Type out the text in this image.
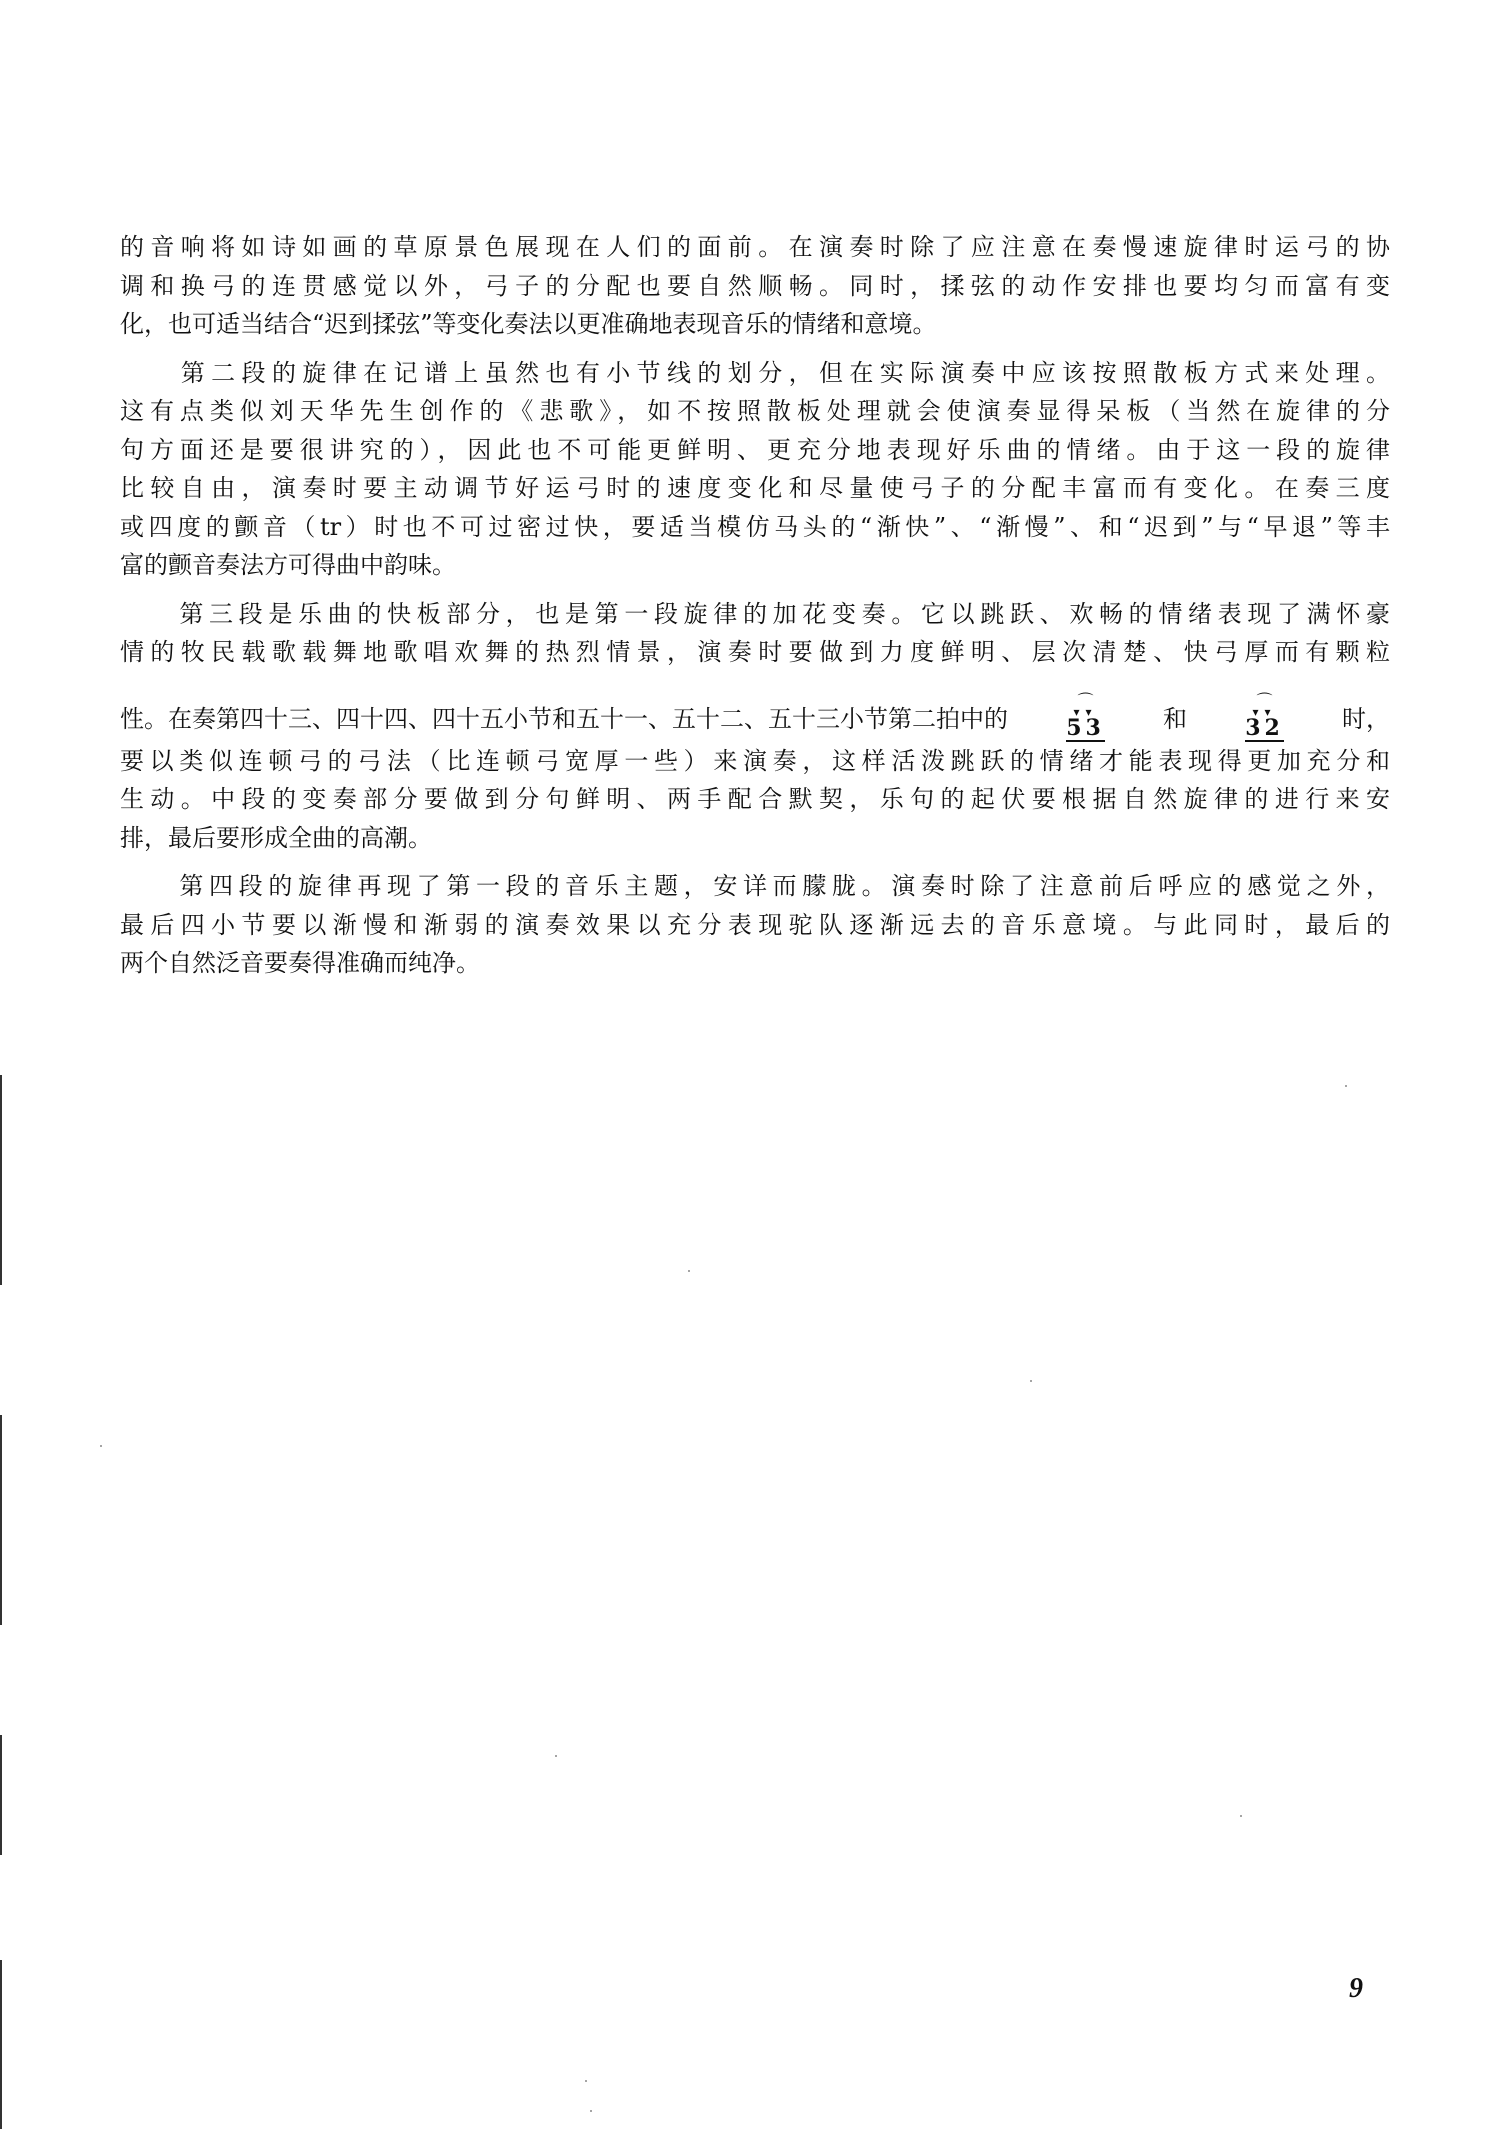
的音响将如诗如画的草原景色展现在人们的面前。在演奏时除了应注意在奏慢速旋律时运弓的协
调和换弓的连贯感觉以外，弓子的分配也要自然顺畅。同时，揉弦的动作安排也要均匀而富有变
化，也可适当结合“迟到揉弦”等变化奏法以更准确地表现音乐的情绪和意境。
　　第二段的旋律在记谱上虽然也有小节线的划分，但在实际演奏中应该按照散板方式来处理。
这有点类似刘天华先生创作的《悲歌》，如不按照散板处理就会使演奏显得呆板（当然在旋律的分
句方面还是要很讲究的），因此也不可能更鲜明、更充分地表现好乐曲的情绪。由于这一段的旋律
比较自由，演奏时要主动调节好运弓时的速度变化和尽量使弓子的分配丰富而有变化。在奏三度
或四度的颤音（tr）时也不可过密过快，要适当模仿马头的“渐快”、“渐慢”、和“迟到”与“早退”等丰
富的颤音奏法方可得曲中韵味。
　　第三段是乐曲的快板部分，也是第一段旋律的加花变奏。它以跳跃、欢畅的情绪表现了满怀豪
情的牧民载歌载舞地歌唱欢舞的热烈情景，演奏时要做到力度鲜明、层次清楚、快弓厚而有颗粒
性。在奏第四十三、四十四、四十五小节和五十一、五十二、五十三小节第二拍中的
⌒
▾▾
53 和
⌒
▾▾
32 时，
要以类似连顿弓的弓法（比连顿弓宽厚一些）来演奏，这样活泼跳跃的情绪才能表现得更加充分和
生动。中段的变奏部分要做到分句鲜明、两手配合默契，乐句的起伏要根据自然旋律的进行来安
排，最后要形成全曲的高潮。
　　第四段的旋律再现了第一段的音乐主题，安详而朦胧。演奏时除了注意前后呼应的感觉之外，
最后四小节要以渐慢和渐弱的演奏效果以充分表现驼队逐渐远去的音乐意境。与此同时，最后的
两个自然泛音要奏得准确而纯净。
9
